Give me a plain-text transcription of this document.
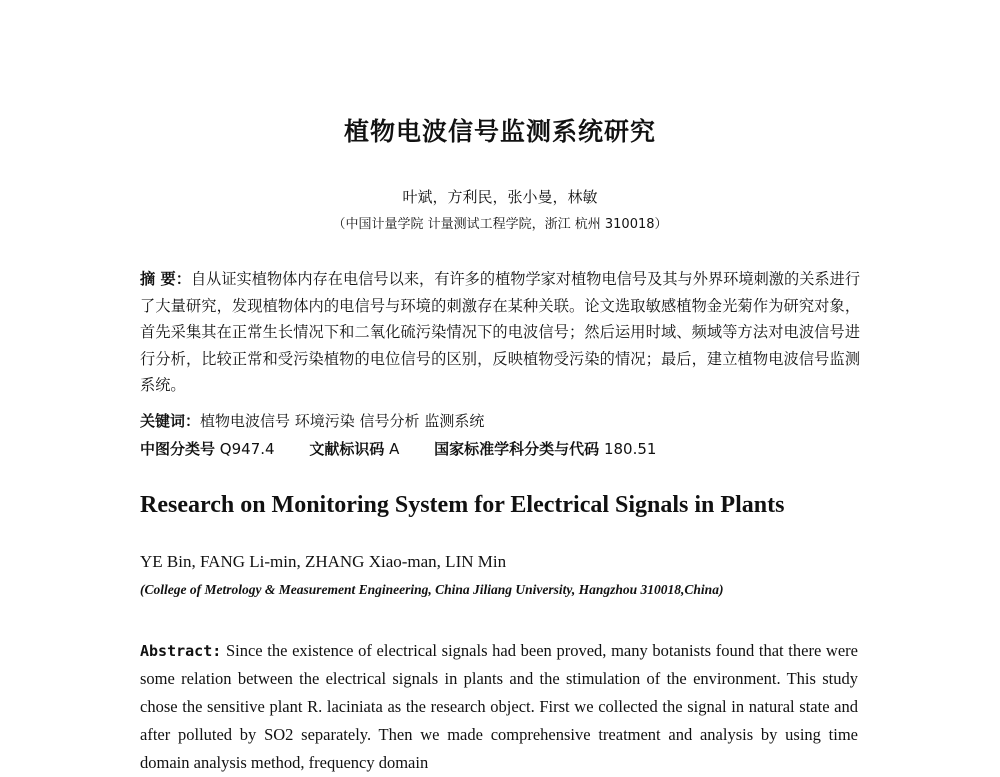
植物电波信号监测系统研究
叶斌，方利民，张小曼，林敏
（中国计量学院 计量测试工程学院，浙江 杭州 310018）
摘 要：自从证实植物体内存在电信号以来，有许多的植物学家对植物电信号及其与外界环境刺激的关系进行了大量研究，发现植物体内的电信号与环境的刺激存在某种关联。论文选取敏感植物金光菊作为研究对象，首先采集其在正常生长情况下和二氧化硫污染情况下的电波信号；然后运用时域、频域等方法对电波信号进行分析，比较正常和受污染植物的电位信号的区别，反映植物受污染的情况；最后，建立植物电波信号监测系统。
关键词：植物电波信号 环境污染 信号分析 监测系统
中图分类号 Q947.4 文献标识码 A 国家标准学科分类与代码 180.51
Research on Monitoring System for Electrical Signals in Plants
YE Bin, FANG Li-min, ZHANG Xiao-man, LIN Min
(College of Metrology & Measurement Engineering, China Jiliang University, Hangzhou 310018,China)
Abstract: Since the existence of electrical signals had been proved, many botanists found that there were some relation between the electrical signals in plants and the stimulation of the environment. This study chose the sensitive plant R. laciniata as the research object. First we collected the signal in natural state and after polluted by SO2 separately. Then we made comprehensive treatment and analysis by using time domain analysis method, frequency domain
